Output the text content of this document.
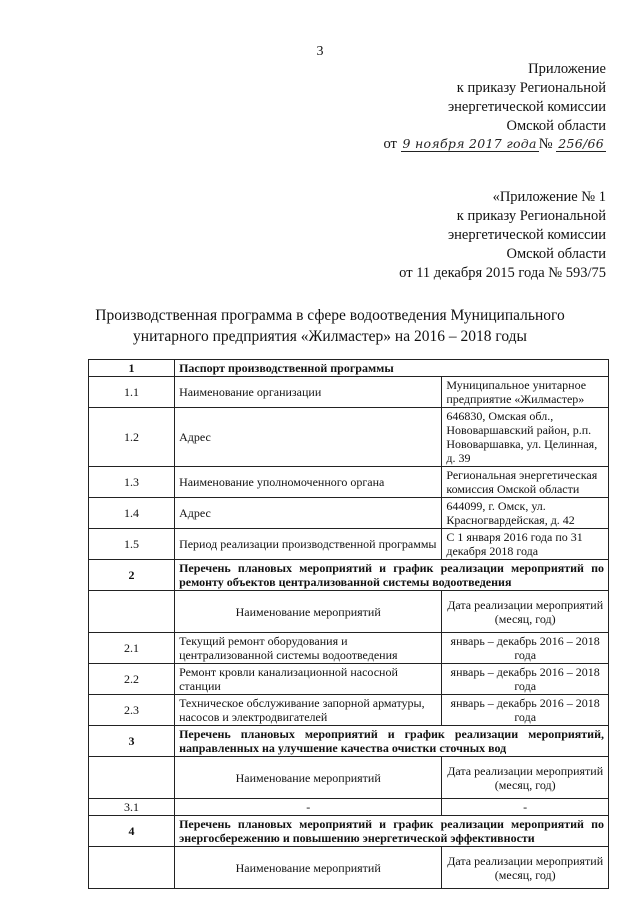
3
Приложение
к приказу Региональной
энергетической комиссии
Омской области
от 9 ноября 2017 года № 256/66
«Приложение № 1
к приказу Региональной
энергетической комиссии
Омской области
от 11 декабря 2015 года № 593/75
Производственная программа в сфере водоотведения Муниципального
унитарного предприятия «Жилмастер» на 2016 – 2018 годы
1	Паспорт производственной программы	
1.1	Наименование организации	Муниципальное унитарное предприятие «Жилмастер»
1.2	Адрес	646830, Омская обл., Нововаршавский район, р.п. Нововаршавка, ул. Целинная, д. 39
1.3	Наименование уполномоченного органа	Региональная энергетическая комиссия Омской области
1.4	Адрес	644099, г. Омск, ул. Красногвардейская, д. 42
1.5	Период реализации производственной программы	С 1 января 2016 года по 31 декабря 2018 года
2	Перечень плановых мероприятий и график реализации мероприятий по ремонту объектов централизованной системы водоотведения	
	Наименование мероприятий	Дата реализации мероприятий (месяц, год)
2.1	Текущий ремонт оборудования и централизованной системы водоотведения	январь – декабрь 2016 – 2018 года
2.2	Ремонт кровли канализационной насосной станции	январь – декабрь 2016 – 2018 года
2.3	Техническое обслуживание запорной арматуры, насосов и электродвигателей	январь – декабрь 2016 – 2018 года
3	Перечень плановых мероприятий и график реализации мероприятий, направленных на улучшение качества очистки сточных вод	
	Наименование мероприятий	Дата реализации мероприятий (месяц, год)
3.1	-	-
4	Перечень плановых мероприятий и график реализации мероприятий по энергосбережению и повышению энергетической эффективности	
	Наименование мероприятий	Дата реализации мероприятий (месяц, год)
